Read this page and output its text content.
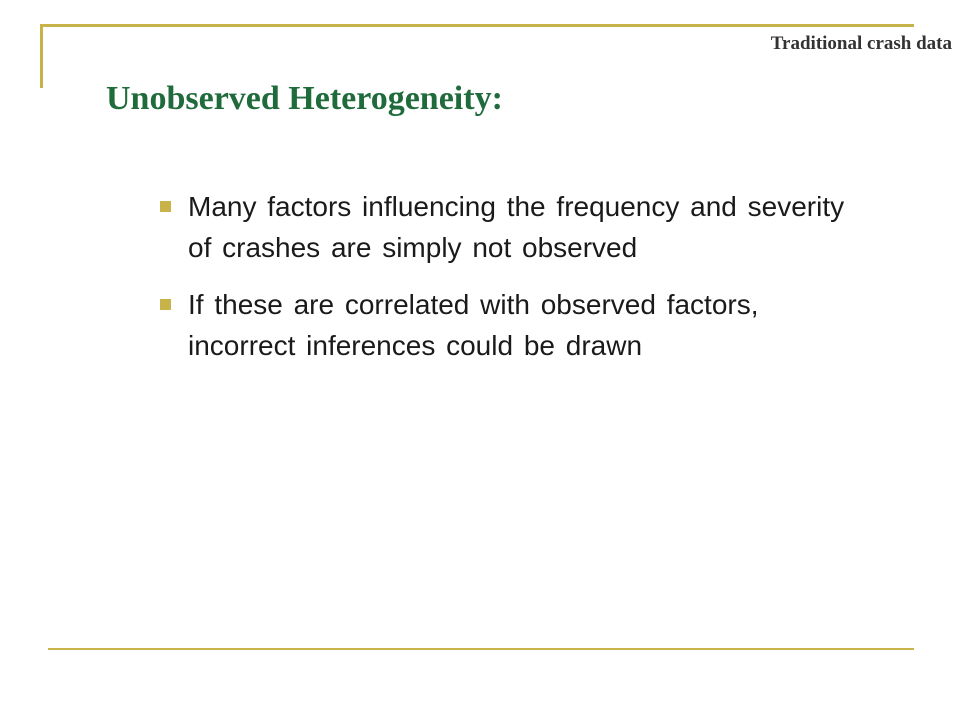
Traditional crash data
Unobserved Heterogeneity:
Many factors influencing the frequency and severity of crashes are simply not observed
If these are correlated with observed factors, incorrect inferences could be drawn
